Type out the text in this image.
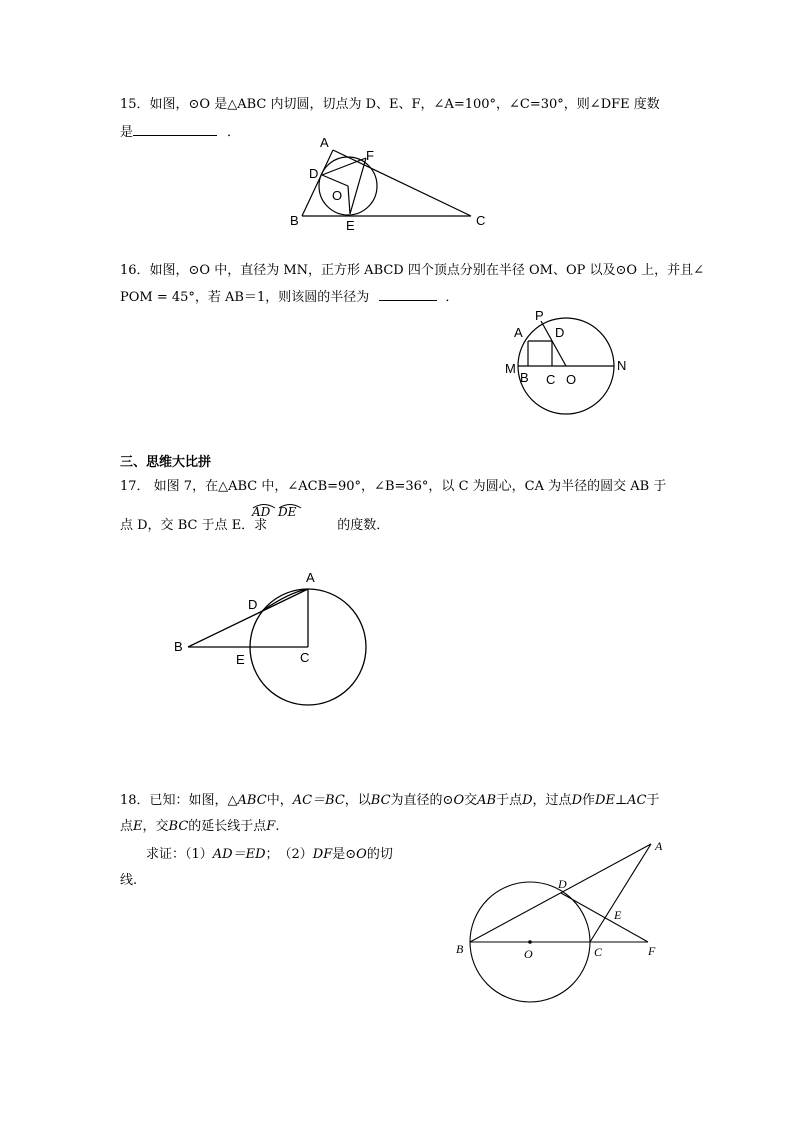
15．如图，⊙O 是△ABC 内切圆，切点为 D、E、F，∠A=100°，∠C=30°，则∠DFE 度数
是	．
A
F
D
O
B	E	C
16．如图，⊙O 中，直径为 MN，正方形 ABCD 四个顶点分别在半径 OM、OP 以及⊙O 上，并且∠
POM = 45°，若 AB＝1，则该圆的半径为	．
P
A D
M
B C O
N
三、思维大比拼
17． 如图 7，在△ABC 中，∠ACB=90°，∠B=36°，以 C 为圆心，CA 为半径的圆交 AB 于
点 D，交 BC 于点 E．求	的度数．
AD DE
A
D
B
E	C
18．已知：如图，△ABC中，AC＝BC，以BC为直径的⊙O交AB于点D，过点D作DE⊥AC于
点E，交BC的延长线于点F.
求证：（1）AD＝ED；　（2）DF是⊙O的切
线.
A
D
E
B	O	C	F
